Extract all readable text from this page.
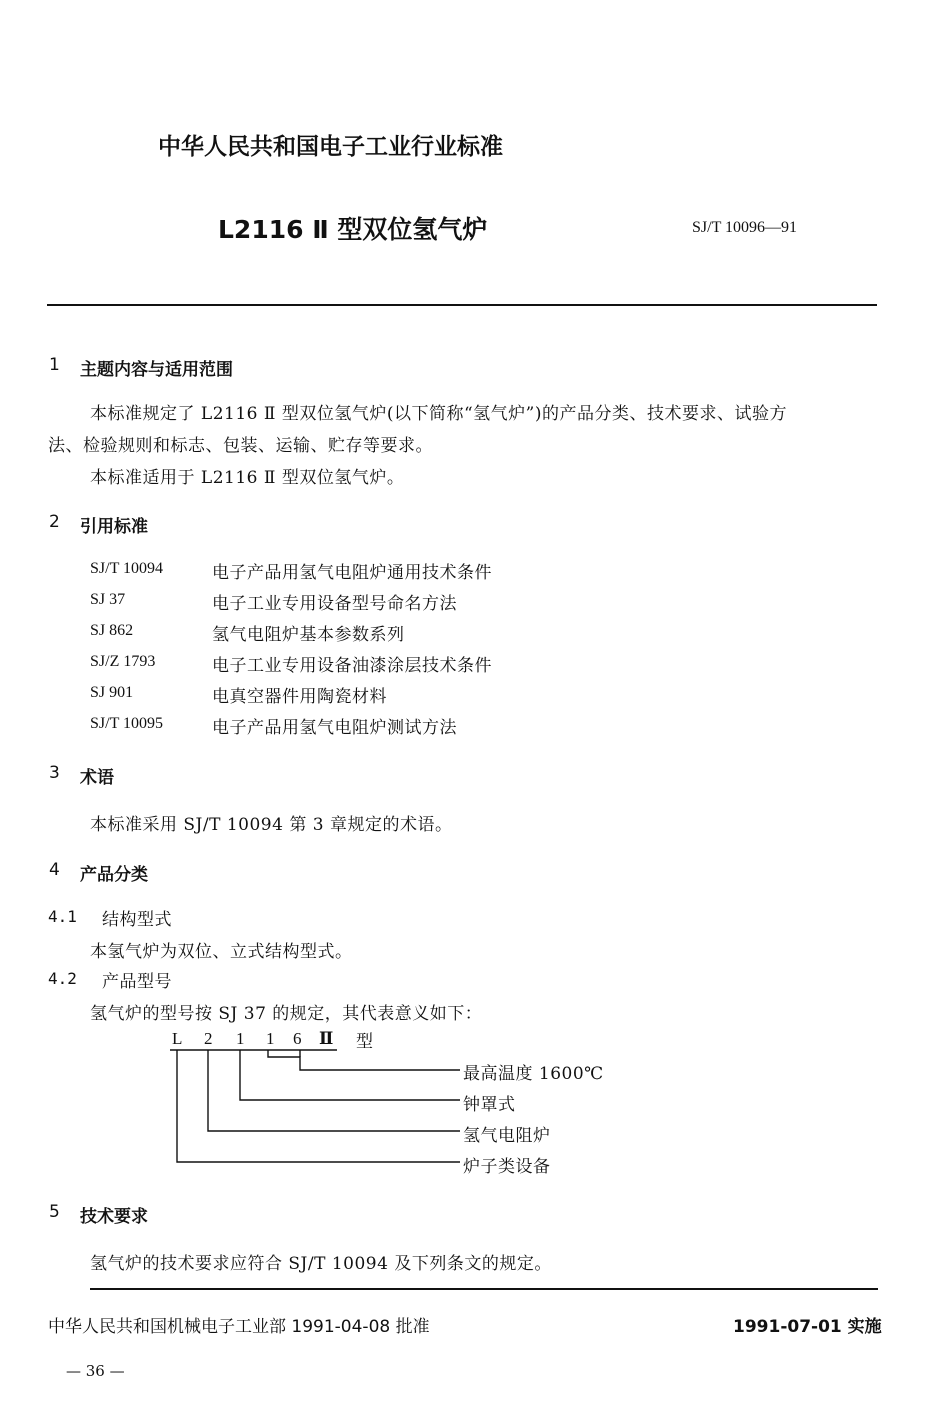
中华人民共和国电子工业行业标准
L2116 Ⅱ 型双位氢气炉	SJ/T 10096—91
1 主题内容与适用范围
本标准规定了 L2116 Ⅱ 型双位氢气炉(以下简称“氢气炉”)的产品分类、技术要求、试验方
法、检验规则和标志、包装、运输、贮存等要求。
本标准适用于 L2116 Ⅱ 型双位氢气炉。
2 引用标准
SJ/T 10094	电子产品用氢气电阻炉通用技术条件
SJ 37	电子工业专用设备型号命名方法
SJ 862	氢气电阻炉基本参数系列
SJ/Z 1793	电子工业专用设备油漆涂层技术条件
SJ 901	电真空器件用陶瓷材料
SJ/T 10095	电子产品用氢气电阻炉测试方法
3 术语
本标准采用 SJ/T 10094 第 3 章规定的术语。
4 产品分类
4.1 结构型式
本氢气炉为双位、立式结构型式。
4.2 产品型号
氢气炉的型号按 SJ 37 的规定，其代表意义如下：
L 2 1 1 6 Ⅱ 型
最高温度 1600℃
钟罩式
氢气电阻炉
炉子类设备
5 技术要求
氢气炉的技术要求应符合 SJ/T 10094 及下列条文的规定。
中华人民共和国机械电子工业部 1991-04-08 批准	1991-07-01 实施
— 36 —
